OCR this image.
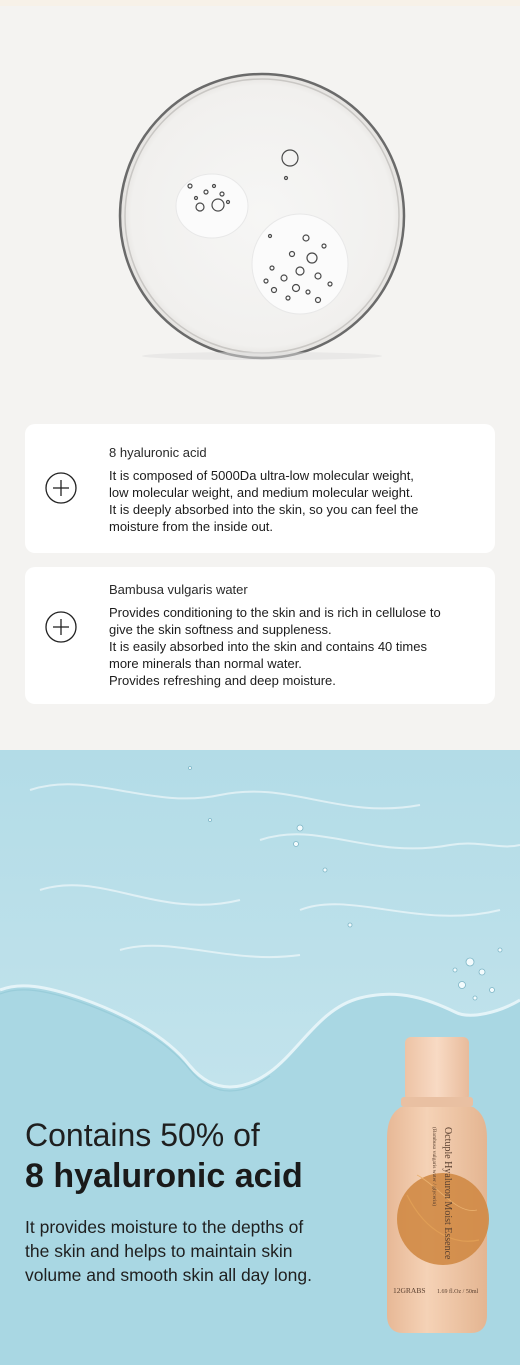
8 hyaluronic acid
It is composed of 5000Da ultra-low molecular weight,
low molecular weight, and medium molecular weight.
It is deeply absorbed into the skin, so you can feel the
moisture from the inside out.
Bambusa vulgaris water
Provides conditioning to the skin and is rich in cellulose to
give the skin softness and suppleness.
It is easily absorbed into the skin and contains 40 times
more minerals than normal water.
Provides refreshing and deep moisture.
Contains 50% of
8 hyaluronic acid
It provides moisture to the depths of
the skin and helps to maintain skin
volume and smooth skin all day long.
Octuple Hyaluron Moist Essence
(Bambusa vulgaris water / glycerin)
12GRABS 1.69 fl.Oz / 50ml
